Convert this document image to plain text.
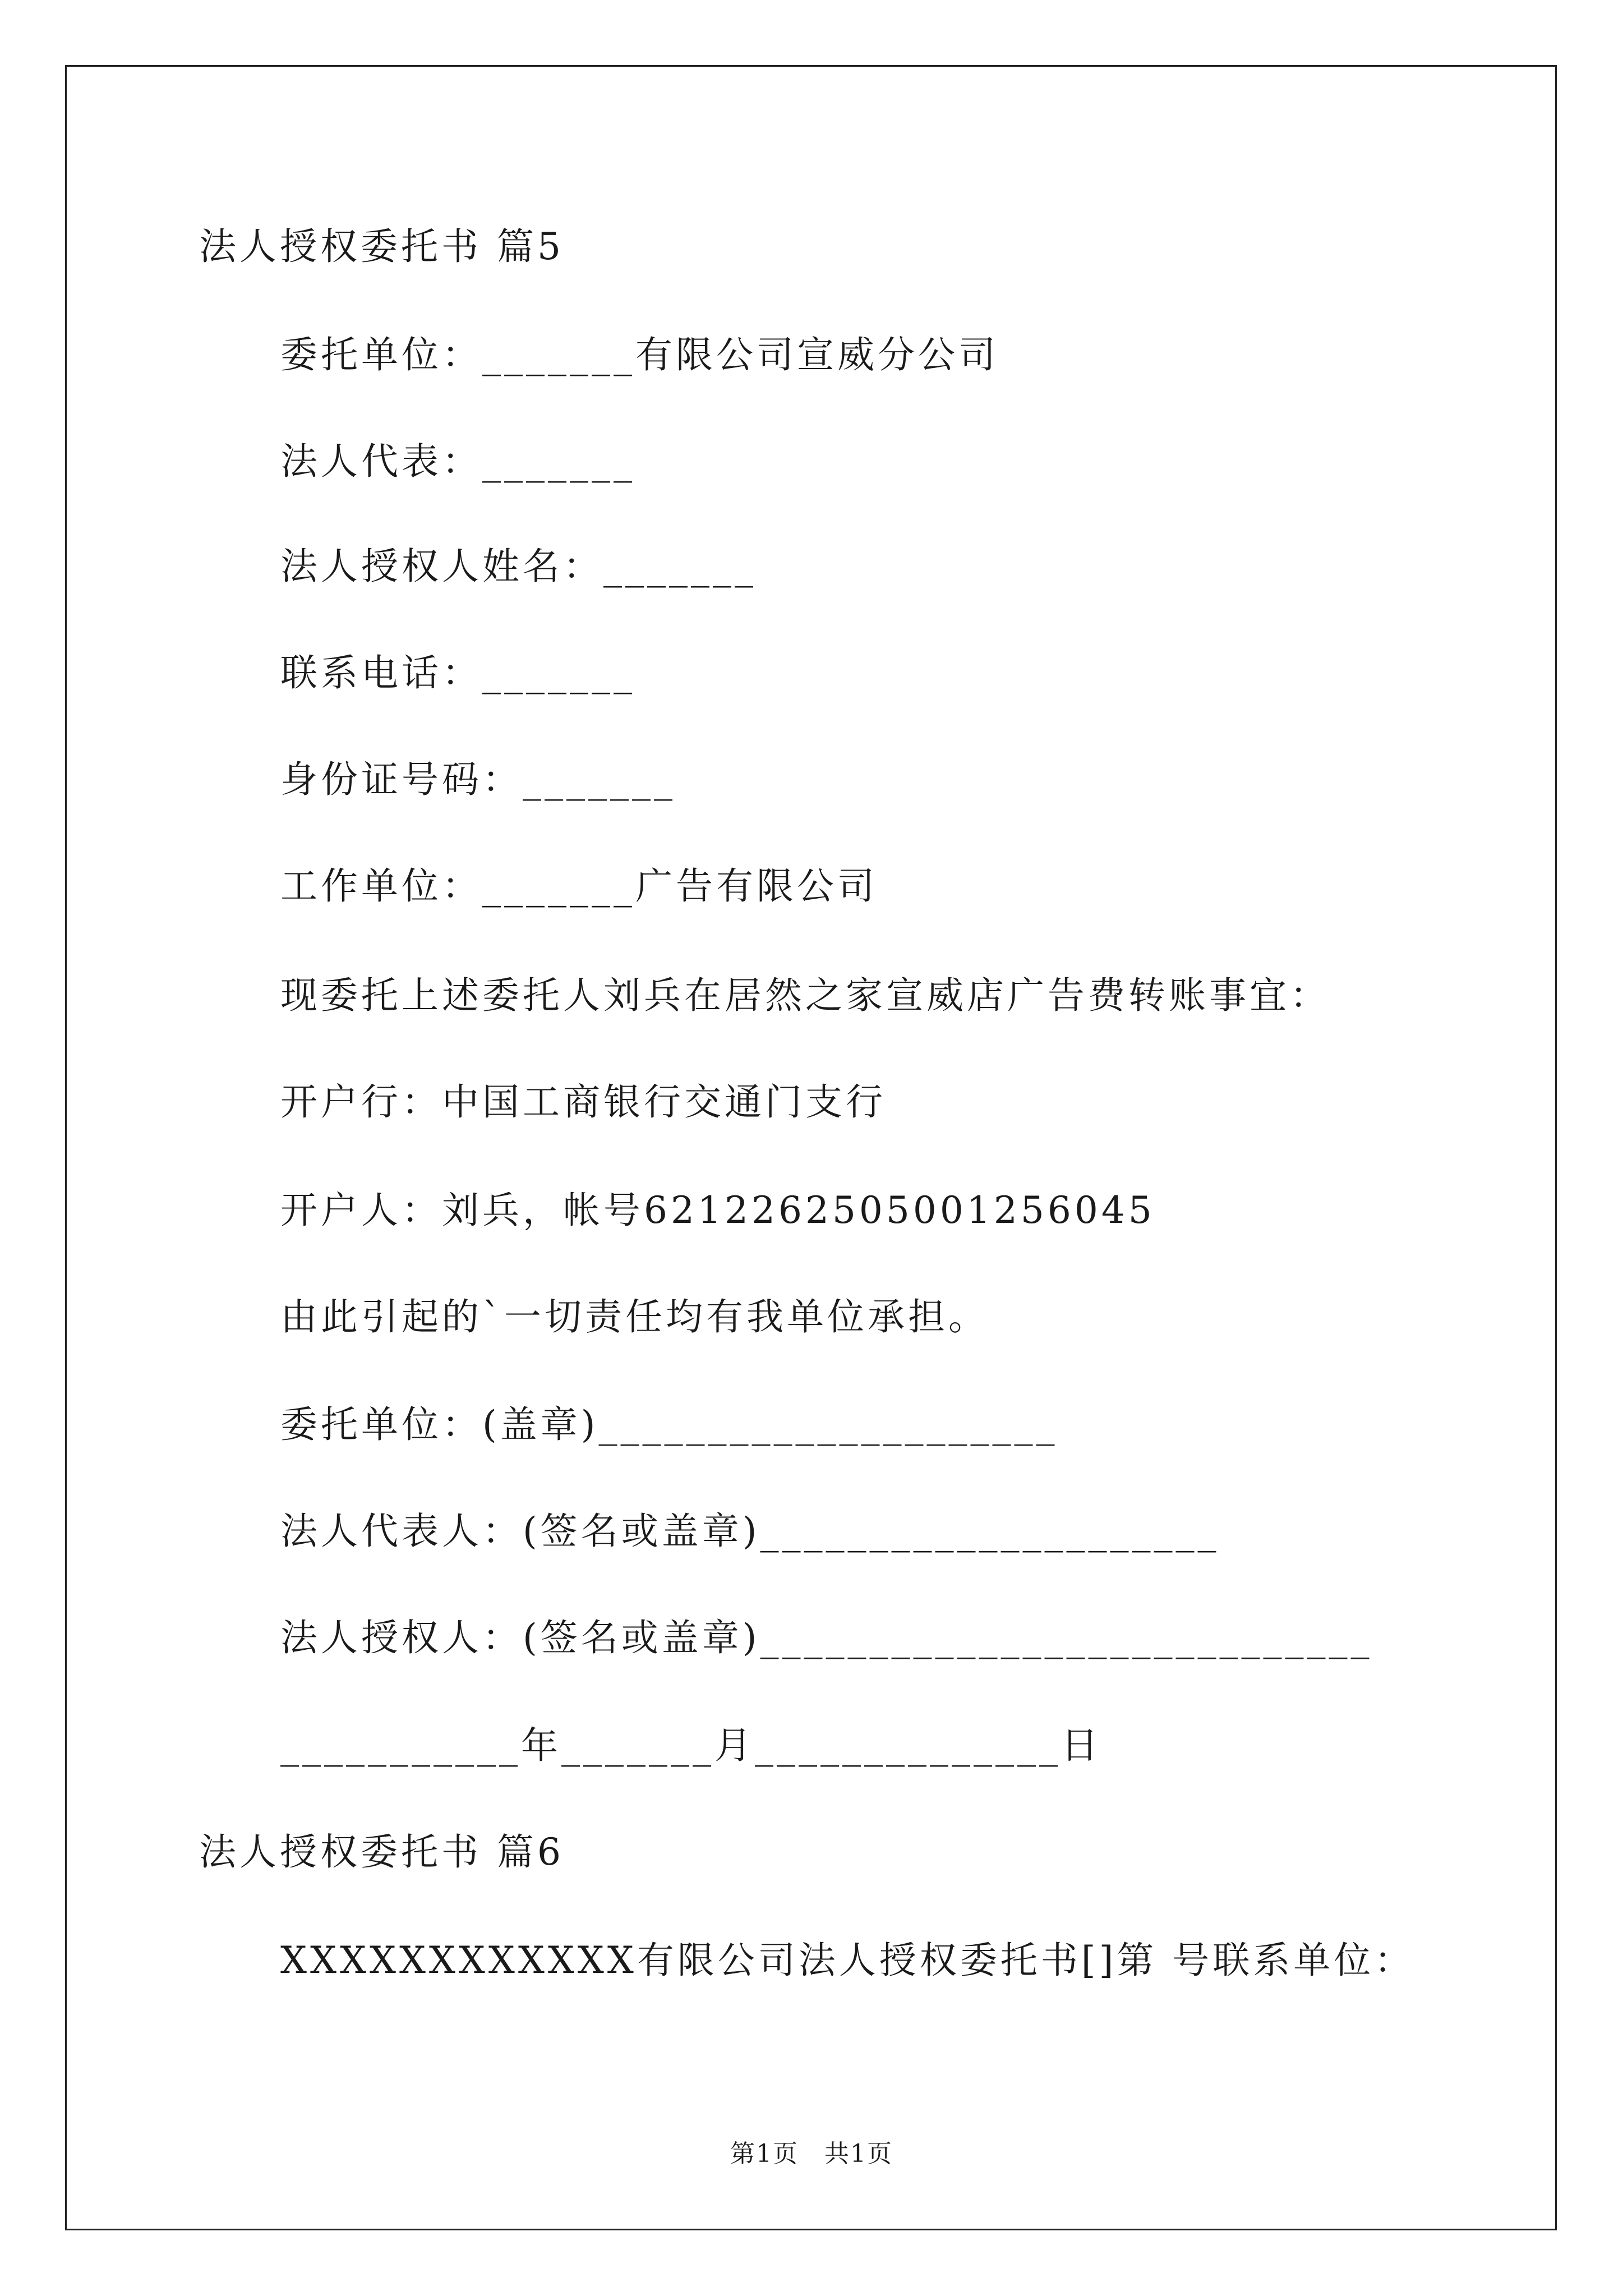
法人授权委托书 篇5
委托单位：_______有限公司宣威分公司
法人代表：_______
法人授权人姓名：_______
联系电话：_______
身份证号码：_______
工作单位：_______广告有限公司
现委托上述委托人刘兵在居然之家宣威店广告费转账事宜：
开户行：中国工商银行交通门支行
开户人：刘兵，帐号6212262505001256045
由此引起的`一切责任均有我单位承担。
委托单位：(盖章)_____________________
法人代表人：(签名或盖章)_____________________
法人授权人：(签名或盖章)____________________________
___________年_______月______________日
法人授权委托书 篇6
XXXXXXXXXXXX有限公司法人授权委托书[]第 号联系单位：
第1页　共1页
